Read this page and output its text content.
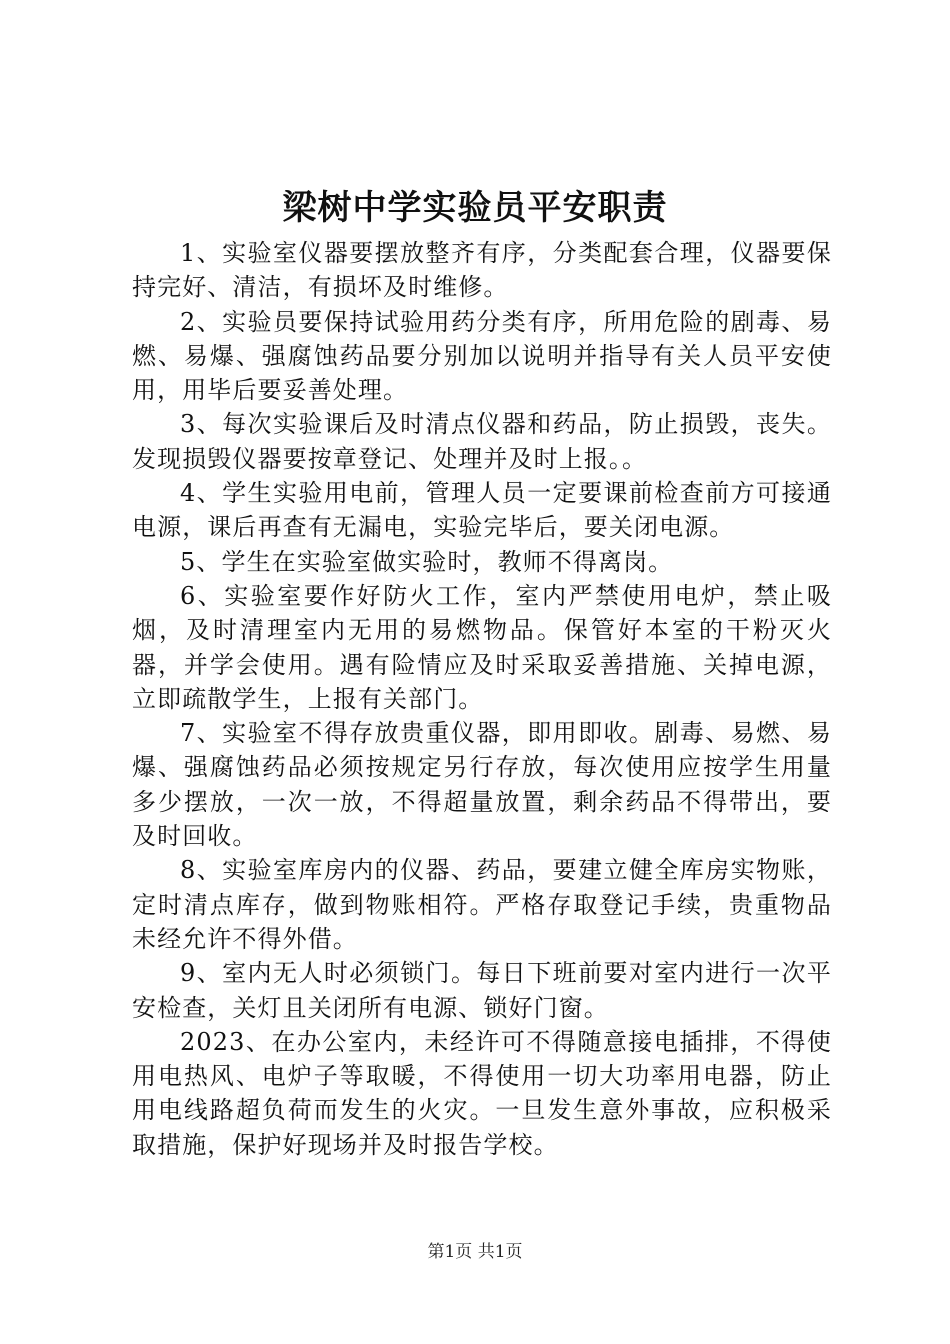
梁树中学实验员平安职责

1、实验室仪器要摆放整齐有序，分类配套合理，仪器要保持完好、清洁，有损坏及时维修。

2、实验员要保持试验用药分类有序，所用危险的剧毒、易燃、易爆、强腐蚀药品要分别加以说明并指导有关人员平安使用，用毕后要妥善处理。

3、每次实验课后及时清点仪器和药品，防止损毁，丧失。发现损毁仪器要按章登记、处理并及时上报。。

4、学生实验用电前，管理人员一定要课前检查前方可接通电源，课后再查有无漏电，实验完毕后，要关闭电源。

5、学生在实验室做实验时，教师不得离岗。

6、实验室要作好防火工作，室内严禁使用电炉，禁止吸烟，及时清理室内无用的易燃物品。保管好本室的干粉灭火器，并学会使用。遇有险情应及时采取妥善措施、关掉电源，立即疏散学生，上报有关部门。

7、实验室不得存放贵重仪器，即用即收。剧毒、易燃、易爆、强腐蚀药品必须按规定另行存放，每次使用应按学生用量多少摆放，一次一放，不得超量放置，剩余药品不得带出，要及时回收。

8、实验室库房内的仪器、药品，要建立健全库房实物账，定时清点库存，做到物账相符。严格存取登记手续，贵重物品未经允许不得外借。

9、室内无人时必须锁门。每日下班前要对室内进行一次平安检查，关灯且关闭所有电源、锁好门窗。

2023、在办公室内，未经许可不得随意接电插排，不得使用电热风、电炉子等取暖，不得使用一切大功率用电器，防止用电线路超负荷而发生的火灾。一旦发生意外事故，应积极采取措施，保护好现场并及时报告学校。

第1页 共1页
